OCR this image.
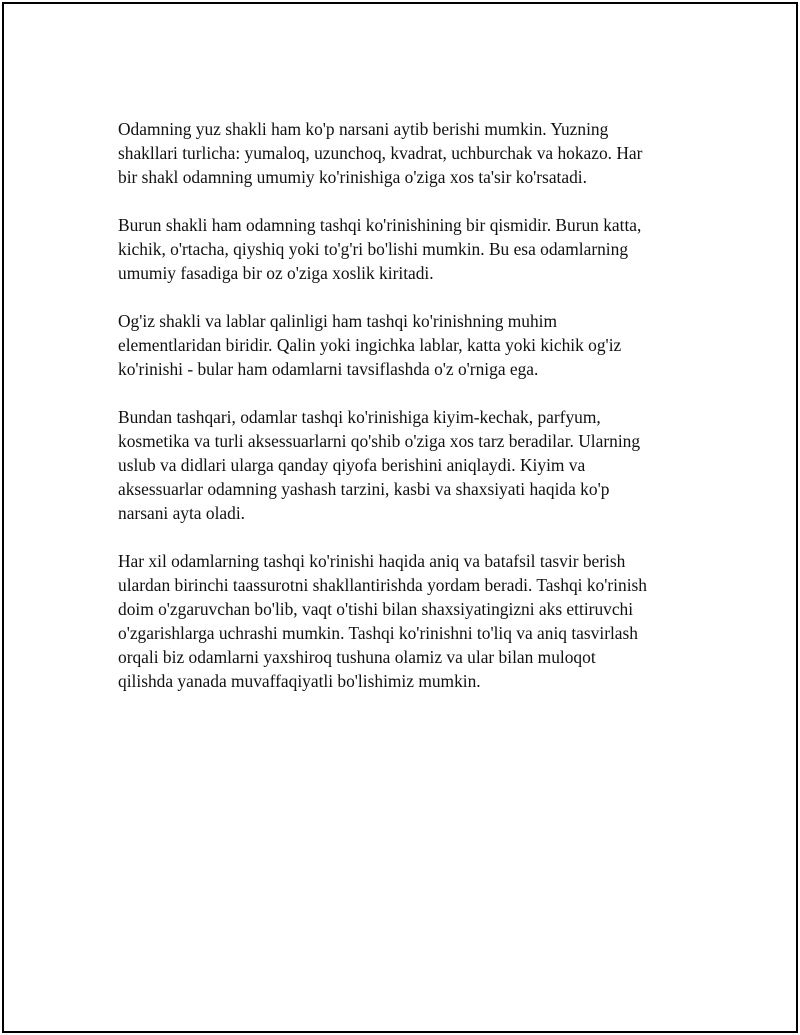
Odamning yuz shakli ham ko'p narsani aytib berishi mumkin. Yuzning
shakllari turlicha: yumaloq, uzunchoq, kvadrat, uchburchak va hokazo. Har
bir shakl odamning umumiy ko'rinishiga o'ziga xos ta'sir ko'rsatadi.

Burun shakli ham odamning tashqi ko'rinishining bir qismidir. Burun katta,
kichik, o'rtacha, qiyshiq yoki to'g'ri bo'lishi mumkin. Bu esa odamlarning
umumiy fasadiga bir oz o'ziga xoslik kiritadi.

Og'iz shakli va lablar qalinligi ham tashqi ko'rinishning muhim
elementlaridan biridir. Qalin yoki ingichka lablar, katta yoki kichik og'iz
ko'rinishi - bular ham odamlarni tavsiflashda o'z o'rniga ega.

Bundan tashqari, odamlar tashqi ko'rinishiga kiyim-kechak, parfyum,
kosmetika va turli aksessuarlarni qo'shib o'ziga xos tarz beradilar. Ularning
uslub va didlari ularga qanday qiyofa berishini aniqlaydi. Kiyim va
aksessuarlar odamning yashash tarzini, kasbi va shaxsiyati haqida ko'p
narsani ayta oladi.

Har xil odamlarning tashqi ko'rinishi haqida aniq va batafsil tasvir berish
ulardan birinchi taassurotni shakllantirishda yordam beradi. Tashqi ko'rinish
doim o'zgaruvchan bo'lib, vaqt o'tishi bilan shaxsiyatingizni aks ettiruvchi
o'zgarishlarga uchrashi mumkin. Tashqi ko'rinishni to'liq va aniq tasvirlash
orqali biz odamlarni yaxshiroq tushuna olamiz va ular bilan muloqot
qilishda yanada muvaffaqiyatli bo'lishimiz mumkin.
